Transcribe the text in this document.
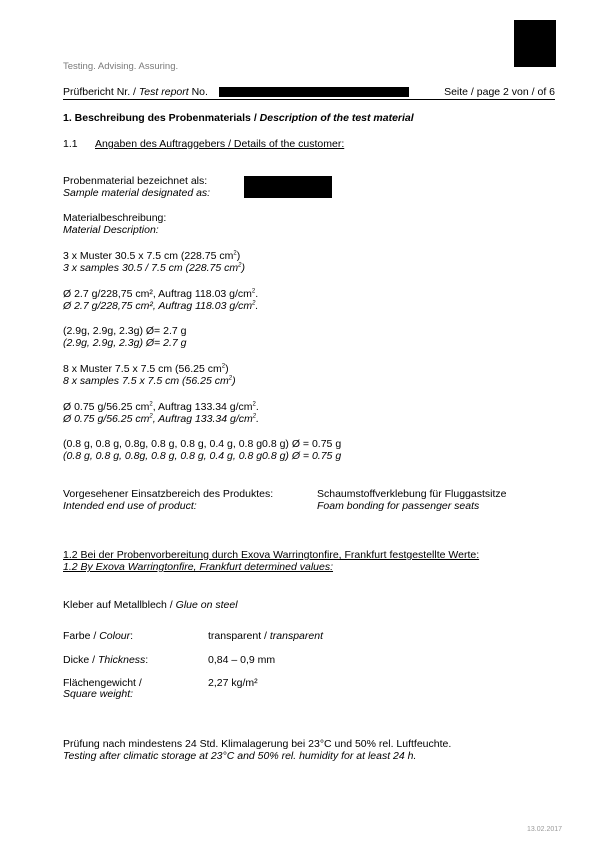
Testing. Advising. Assuring.
Prüfbericht Nr. / Test report No.	Seite / page 2 von / of 6
1. Beschreibung des Probenmaterials / Description of the test material
1.1 Angaben des Auftraggebers / Details of the customer:
Probenmaterial bezeichnet als:
Sample material designated as:
Materialbeschreibung:
Material Description:
3 x Muster 30.5 x 7.5 cm (228.75 $cm^2$)
3 x samples 30.5 / 7.5 cm (228.75 $cm^2$)
Ø 2.7 g/228,75 cm², Auftrag 118.03 $g/cm^2$.
Ø 2.7 g/228,75 cm², Auftrag 118.03 $g/cm^2$.
(2.9g, 2.9g, 2.3g) Ø= 2.7 g
(2.9g, 2.9g, 2.3g) Ø= 2.7 g
8 x Muster 7.5 x 7.5 cm (56.25 $cm^2$)
8 x samples 7.5 x 7.5 cm (56.25 $cm^2$)
Ø 0.75 g/56.25 $cm^2$, Auftrag 133.34 $g/cm^2$.
Ø 0.75 g/56.25 $cm^2$, Auftrag 133.34 $g/cm^2$.
(0.8 g, 0.8 g, 0.8g, 0.8 g, 0.8 g, 0.4 g, 0.8 g0.8 g) Ø = 0.75 g
(0.8 g, 0.8 g, 0.8g, 0.8 g, 0.8 g, 0.4 g, 0.8 g0.8 g) Ø = 0.75 g
Vorgesehener Einsatzbereich des Produktes:
Intended end use of product:
Schaumstoffverklebung für Fluggastsitze
Foam bonding for passenger seats
1.2 Bei der Probenvorbereitung durch Exova Warringtonfire, Frankfurt festgestellte Werte:
1.2 By Exova Warringtonfire, Frankfurt determined values:
Kleber auf Metallblech / Glue on steel
Farbe / Colour:	transparent / transparent
Dicke / Thickness:	0,84 – 0,9 mm
Flächengewicht /
Square weight:
2,27 kg/m²
Prüfung nach mindestens 24 Std. Klimalagerung bei 23°C und 50% rel. Luftfeuchte.
Testing after climatic storage at 23°C and 50% rel. humidity for at least 24 h.
13.02.2017
